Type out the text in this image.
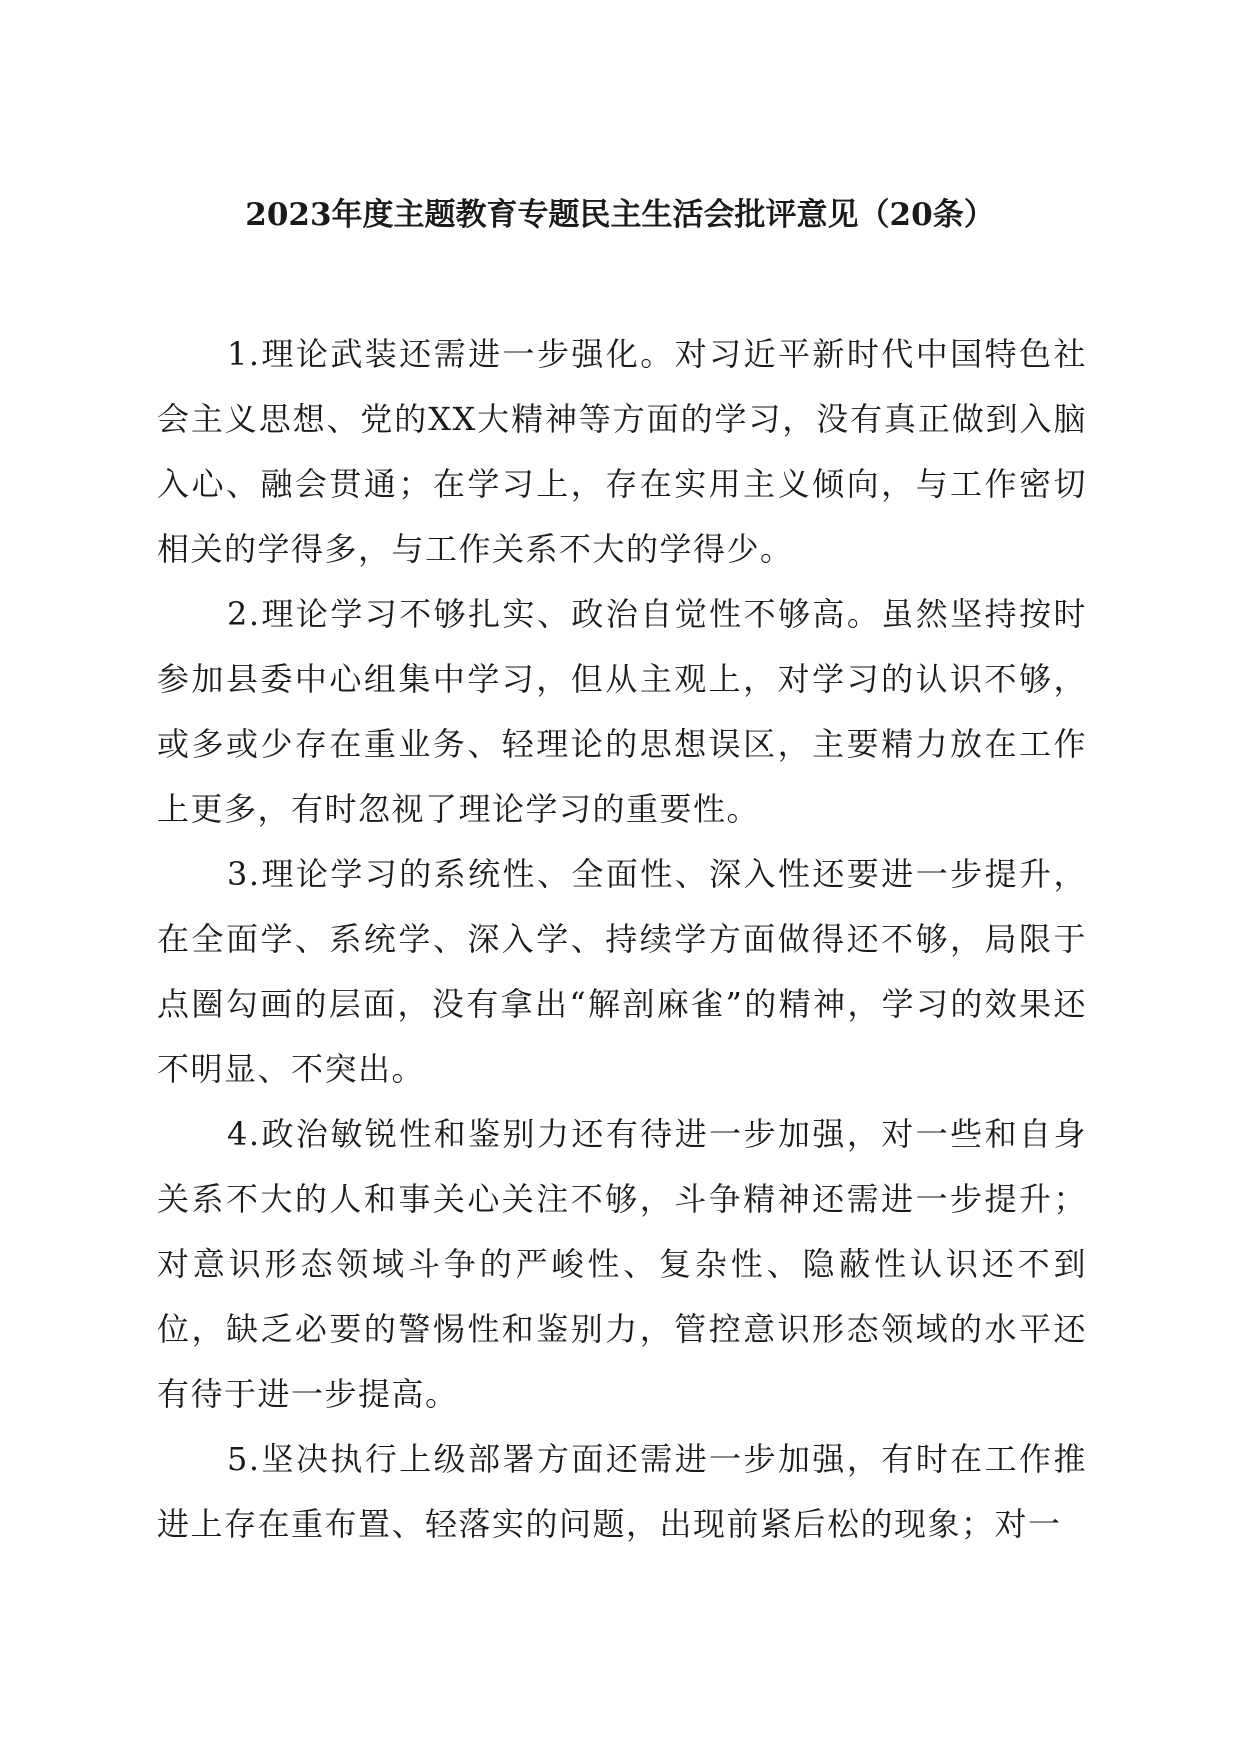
2023年度主题教育专题民主生活会批评意见（20条）

1.理论武装还需进一步强化。对习近平新时代中国特色社会主义思想、党的XX大精神等方面的学习，没有真正做到入脑入心、融会贯通；在学习上，存在实用主义倾向，与工作密切相关的学得多，与工作关系不大的学得少。

2.理论学习不够扎实、政治自觉性不够高。虽然坚持按时参加县委中心组集中学习，但从主观上，对学习的认识不够，或多或少存在重业务、轻理论的思想误区，主要精力放在工作上更多，有时忽视了理论学习的重要性。

3.理论学习的系统性、全面性、深入性还要进一步提升，在全面学、系统学、深入学、持续学方面做得还不够，局限于点圈勾画的层面，没有拿出“解剖麻雀”的精神，学习的效果还不明显、不突出。

4.政治敏锐性和鉴别力还有待进一步加强，对一些和自身关系不大的人和事关心关注不够，斗争精神还需进一步提升；对意识形态领域斗争的严峻性、复杂性、隐蔽性认识还不到位，缺乏必要的警惕性和鉴别力，管控意识形态领域的水平还有待于进一步提高。

5.坚决执行上级部署方面还需进一步加强，有时在工作推进上存在重布置、轻落实的问题，出现前紧后松的现象；对一
